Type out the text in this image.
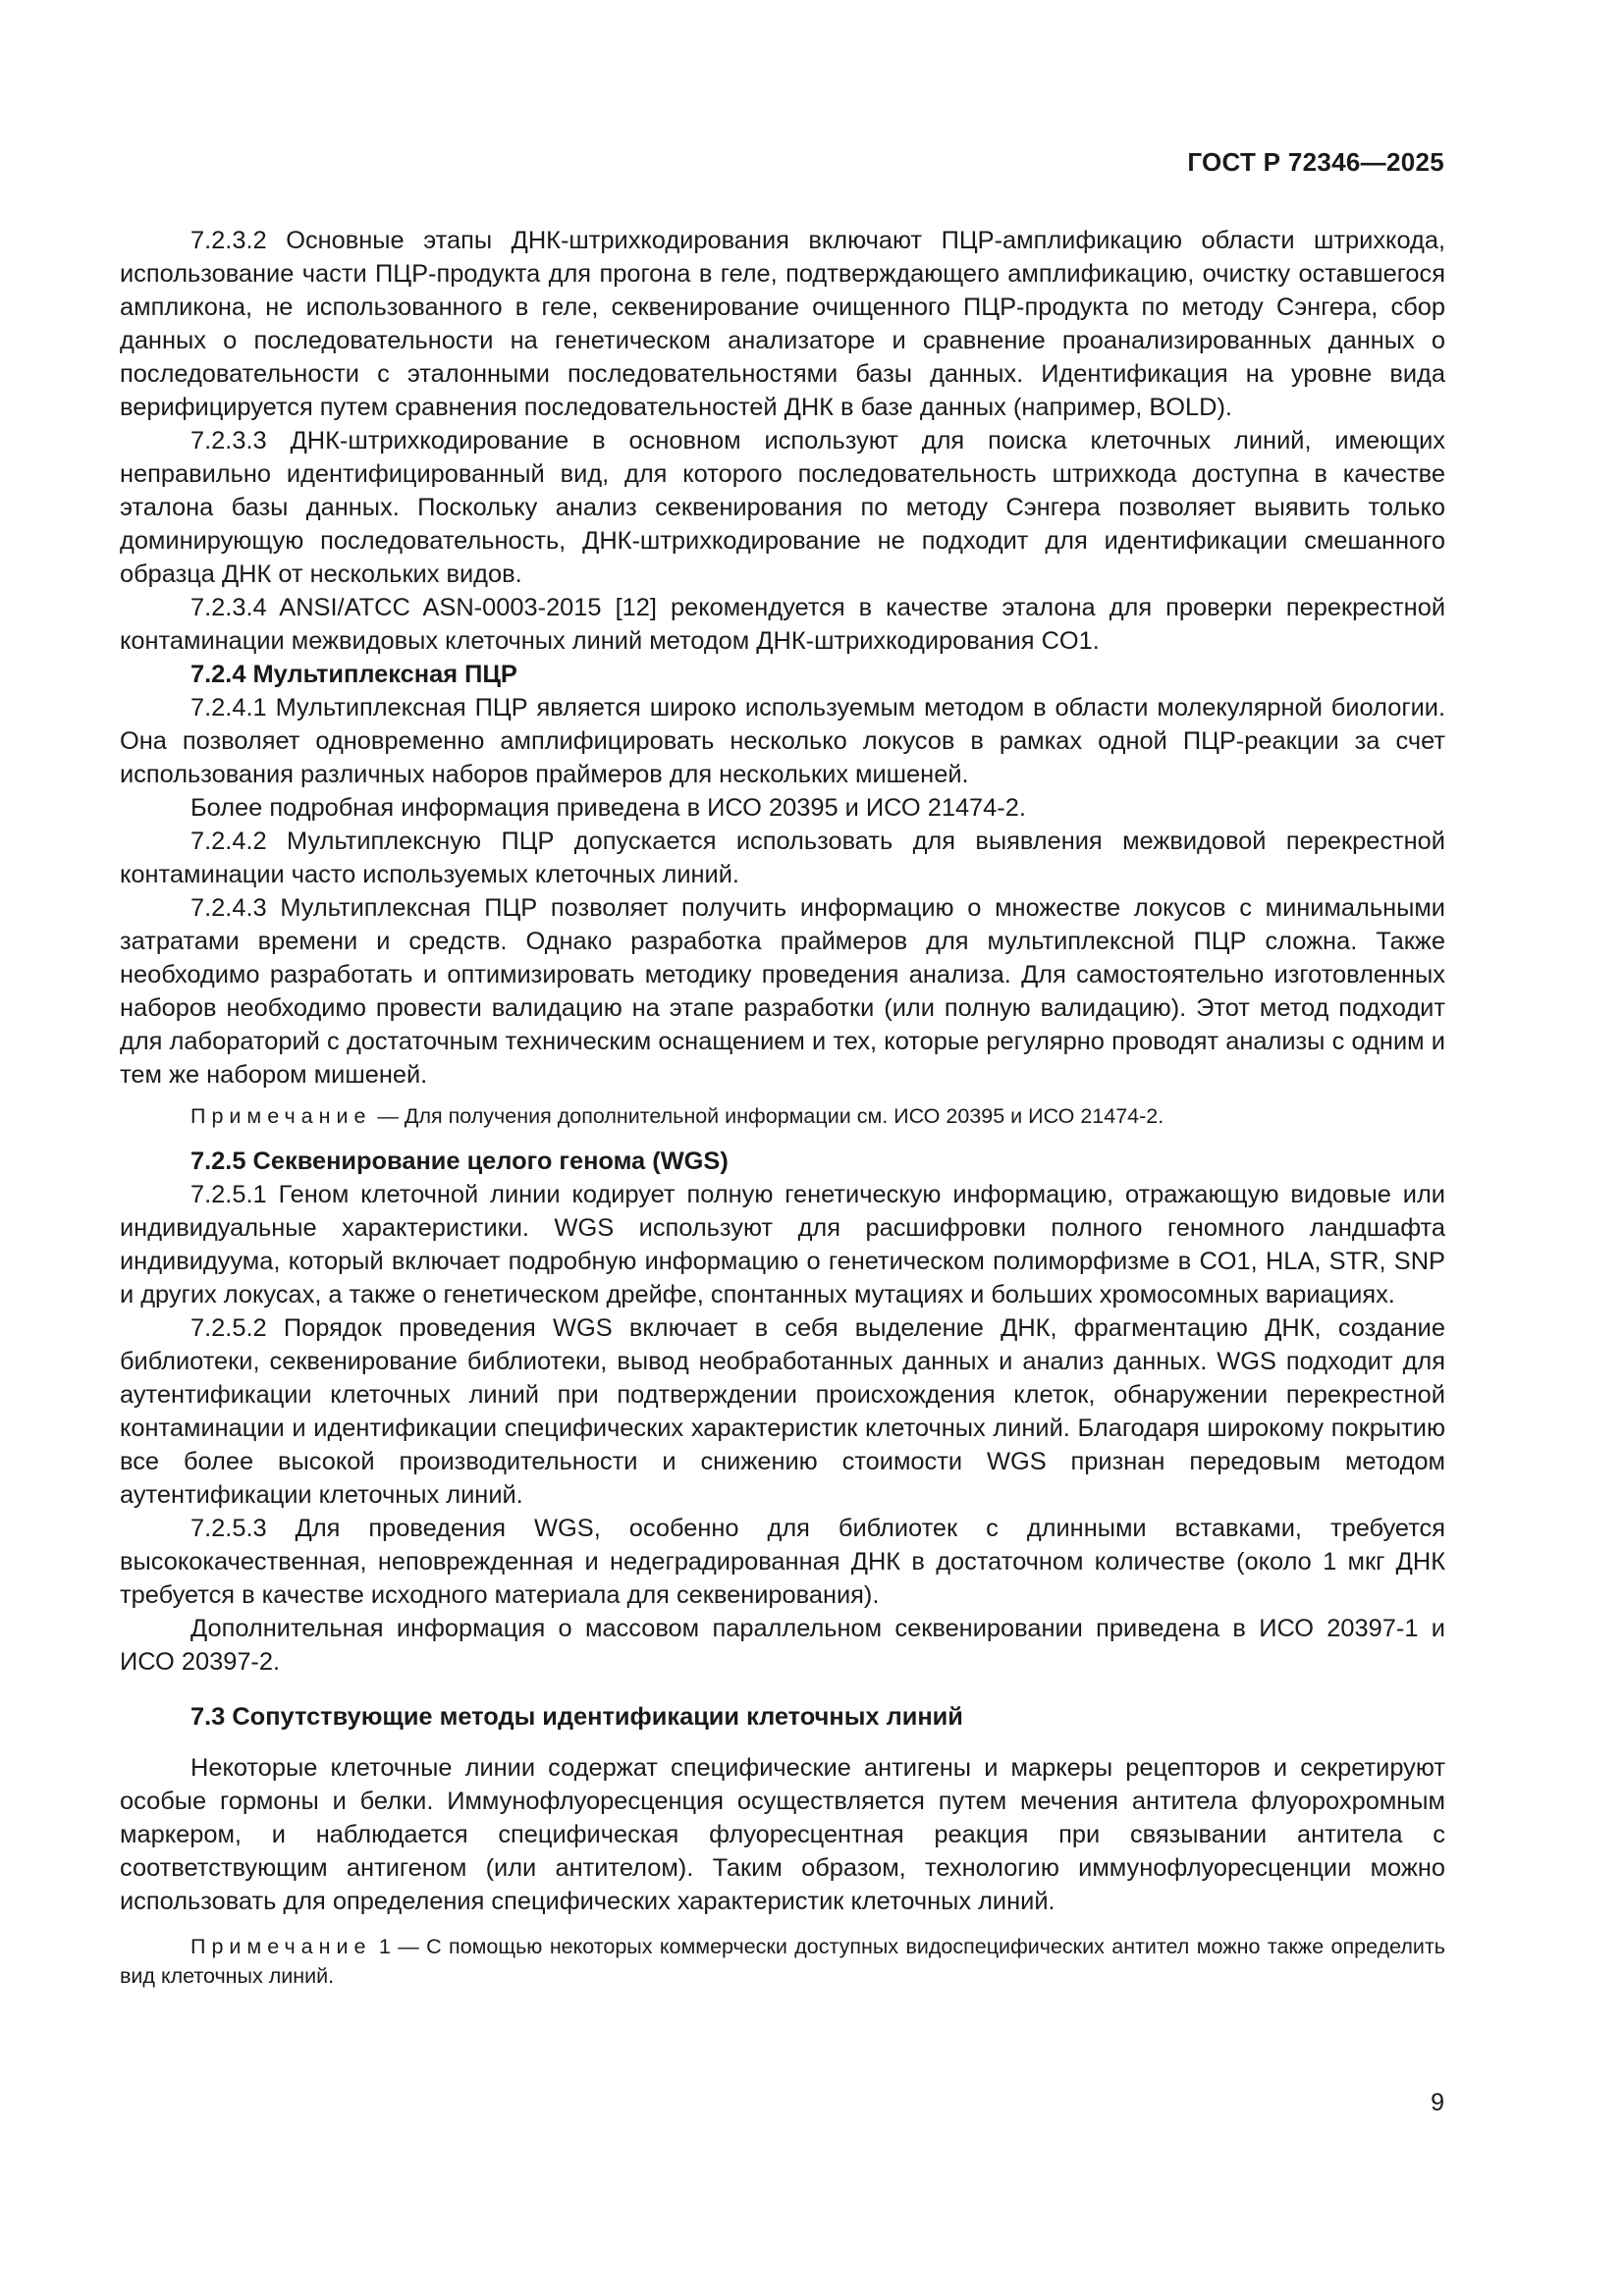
ГОСТ Р 72346—2025

7.2.3.2 Основные этапы ДНК-штрихкодирования включают ПЦР-амплификацию области штрихкода, использование части ПЦР-продукта для прогона в геле, подтверждающего амплификацию, очистку оставшегося ампликона, не использованного в геле, секвенирование очищенного ПЦР-продукта по методу Сэнгера, сбор данных о последовательности на генетическом анализаторе и сравнение проанализированных данных о последовательности с эталонными последовательностями базы данных. Идентификация на уровне вида верифицируется путем сравнения последовательностей ДНК в базе данных (например, BOLD).

7.2.3.3 ДНК-штрихкодирование в основном используют для поиска клеточных линий, имеющих неправильно идентифицированный вид, для которого последовательность штрихкода доступна в качестве эталона базы данных. Поскольку анализ секвенирования по методу Сэнгера позволяет выявить только доминирующую последовательность, ДНК-штрихкодирование не подходит для идентификации смешанного образца ДНК от нескольких видов.

7.2.3.4 ANSI/ATCC ASN-0003-2015 [12] рекомендуется в качестве эталона для проверки перекрестной контаминации межвидовых клеточных линий методом ДНК-штрихкодирования CO1.

7.2.4 Мультиплексная ПЦР

7.2.4.1 Мультиплексная ПЦР является широко используемым методом в области молекулярной биологии. Она позволяет одновременно амплифицировать несколько локусов в рамках одной ПЦР-реакции за счет использования различных наборов праймеров для нескольких мишеней.

Более подробная информация приведена в ИСО 20395 и ИСО 21474-2.

7.2.4.2 Мультиплексную ПЦР допускается использовать для выявления межвидовой перекрестной контаминации часто используемых клеточных линий.

7.2.4.3 Мультиплексная ПЦР позволяет получить информацию о множестве локусов с минимальными затратами времени и средств. Однако разработка праймеров для мультиплексной ПЦР сложна. Также необходимо разработать и оптимизировать методику проведения анализа. Для самостоятельно изготовленных наборов необходимо провести валидацию на этапе разработки (или полную валидацию). Этот метод подходит для лабораторий с достаточным техническим оснащением и тех, которые регулярно проводят анализы с одним и тем же набором мишеней.

Примечание — Для получения дополнительной информации см. ИСО 20395 и ИСО 21474-2.

7.2.5 Секвенирование целого генома (WGS)

7.2.5.1 Геном клеточной линии кодирует полную генетическую информацию, отражающую видовые или индивидуальные характеристики. WGS используют для расшифровки полного геномного ландшафта индивидуума, который включает подробную информацию о генетическом полиморфизме в CO1, HLA, STR, SNP и других локусах, а также о генетическом дрейфе, спонтанных мутациях и больших хромосомных вариациях.

7.2.5.2 Порядок проведения WGS включает в себя выделение ДНК, фрагментацию ДНК, создание библиотеки, секвенирование библиотеки, вывод необработанных данных и анализ данных. WGS подходит для аутентификации клеточных линий при подтверждении происхождения клеток, обнаружении перекрестной контаминации и идентификации специфических характеристик клеточных линий. Благодаря широкому покрытию все более высокой производительности и снижению стоимости WGS признан передовым методом аутентификации клеточных линий.

7.2.5.3 Для проведения WGS, особенно для библиотек с длинными вставками, требуется высококачественная, неповрежденная и недеградированная ДНК в достаточном количестве (около 1 мкг ДНК требуется в качестве исходного материала для секвенирования).

Дополнительная информация о массовом параллельном секвенировании приведена в ИСО 20397-1 и ИСО 20397-2.

7.3 Сопутствующие методы идентификации клеточных линий

Некоторые клеточные линии содержат специфические антигены и маркеры рецепторов и секретируют особые гормоны и белки. Иммунофлуоресценция осуществляется путем мечения антитела флуорохромным маркером, и наблюдается специфическая флуоресцентная реакция при связывании антитела с соответствующим антигеном (или антителом). Таким образом, технологию иммунофлуоресценции можно использовать для определения специфических характеристик клеточных линий.

Примечание 1 — С помощью некоторых коммерчески доступных видоспецифических антител можно также определить вид клеточных линий.

9
